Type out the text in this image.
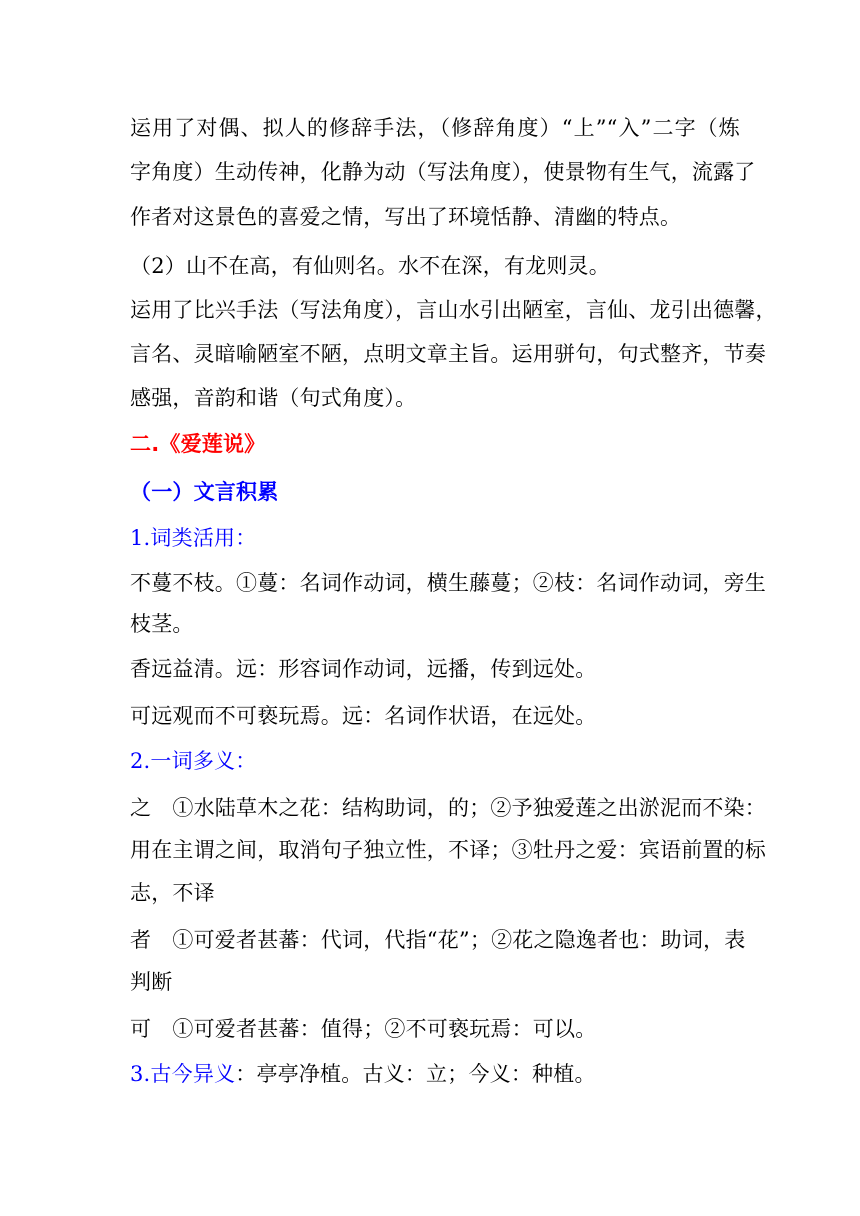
运用了对偶、拟人的修辞手法，（修辞角度）“上”“入”二字（炼
字角度）生动传神，化静为动（写法角度），使景物有生气，流露了
作者对这景色的喜爱之情，写出了环境恬静、清幽的特点。
（2）山不在高，有仙则名。水不在深，有龙则灵。
运用了比兴手法（写法角度），言山水引出陋室，言仙、龙引出德馨，
言名、灵暗喻陋室不陋，点明文章主旨。运用骈句，句式整齐，节奏
感强，音韵和谐（句式角度）。
二.《爱莲说》
（一）文言积累
1.词类活用：
不蔓不枝。①蔓：名词作动词，横生藤蔓；②枝：名词作动词，旁生
枝茎。
香远益清。远：形容词作动词，远播，传到远处。
可远观而不可亵玩焉。远：名词作状语，在远处。
2.一词多义：
之　①水陆草木之花：结构助词，的；②予独爱莲之出淤泥而不染：
用在主谓之间，取消句子独立性，不译；③牡丹之爱：宾语前置的标
志，不译
者　①可爱者甚蕃：代词，代指“花”；②花之隐逸者也：助词，表
判断
可　①可爱者甚蕃：值得；②不可亵玩焉：可以。
3.古今异义：亭亭净植。古义：立；今义：种植。
